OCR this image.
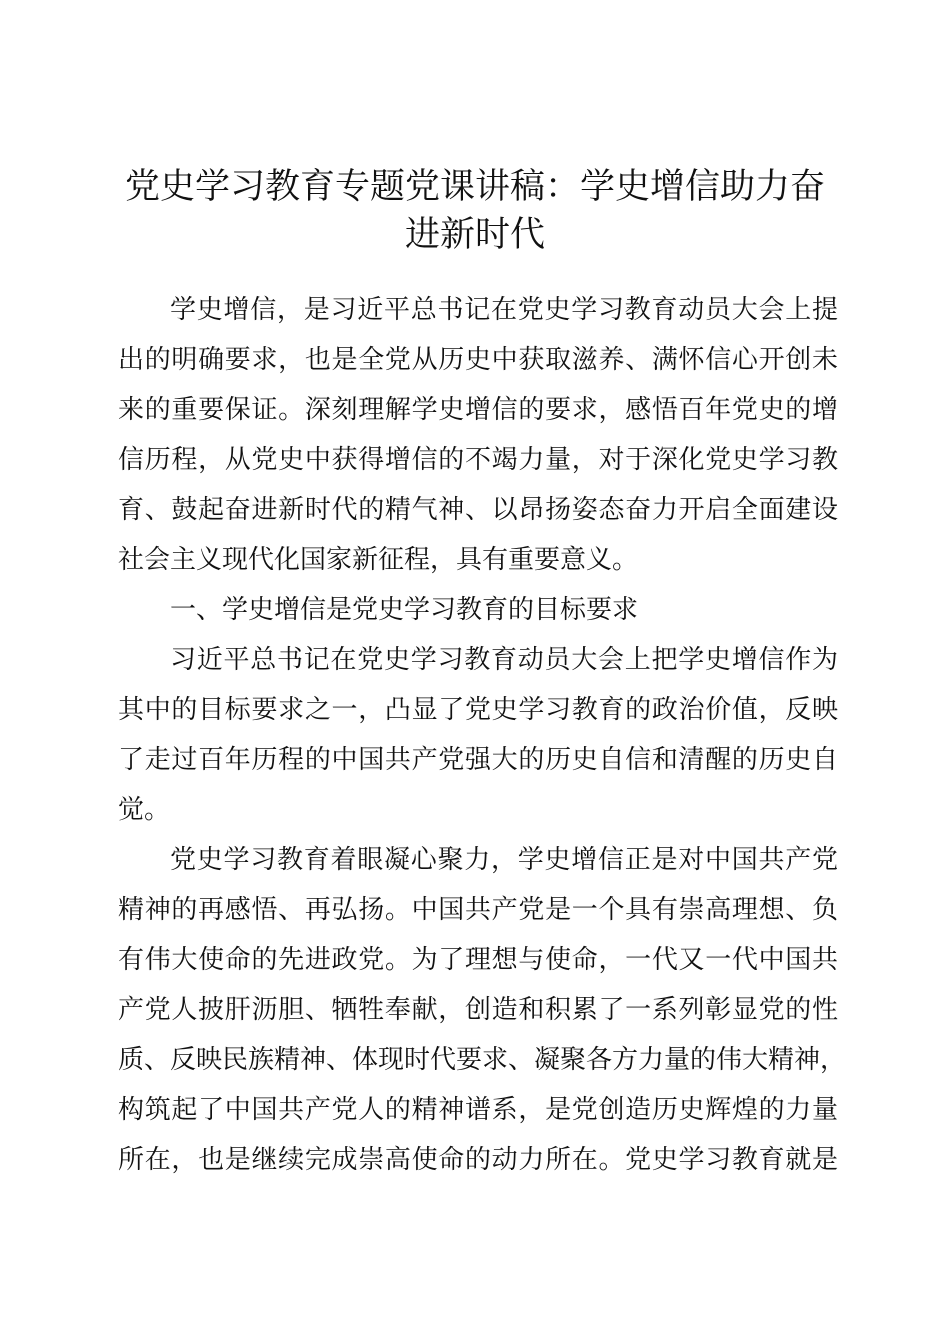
党史学习教育专题党课讲稿：学史增信助力奋
进新时代
学史增信，是习近平总书记在党史学习教育动员大会上提
出的明确要求，也是全党从历史中获取滋养、满怀信心开创未
来的重要保证。深刻理解学史增信的要求，感悟百年党史的增
信历程，从党史中获得增信的不竭力量，对于深化党史学习教
育、鼓起奋进新时代的精气神、以昂扬姿态奋力开启全面建设
社会主义现代化国家新征程，具有重要意义。
一、学史增信是党史学习教育的目标要求
习近平总书记在党史学习教育动员大会上把学史增信作为
其中的目标要求之一，凸显了党史学习教育的政治价值，反映
了走过百年历程的中国共产党强大的历史自信和清醒的历史自
觉。
党史学习教育着眼凝心聚力，学史增信正是对中国共产党
精神的再感悟、再弘扬。中国共产党是一个具有崇高理想、负
有伟大使命的先进政党。为了理想与使命，一代又一代中国共
产党人披肝沥胆、牺牲奉献，创造和积累了一系列彰显党的性
质、反映民族精神、体现时代要求、凝聚各方力量的伟大精神，
构筑起了中国共产党人的精神谱系，是党创造历史辉煌的力量
所在，也是继续完成崇高使命的动力所在。党史学习教育就是
